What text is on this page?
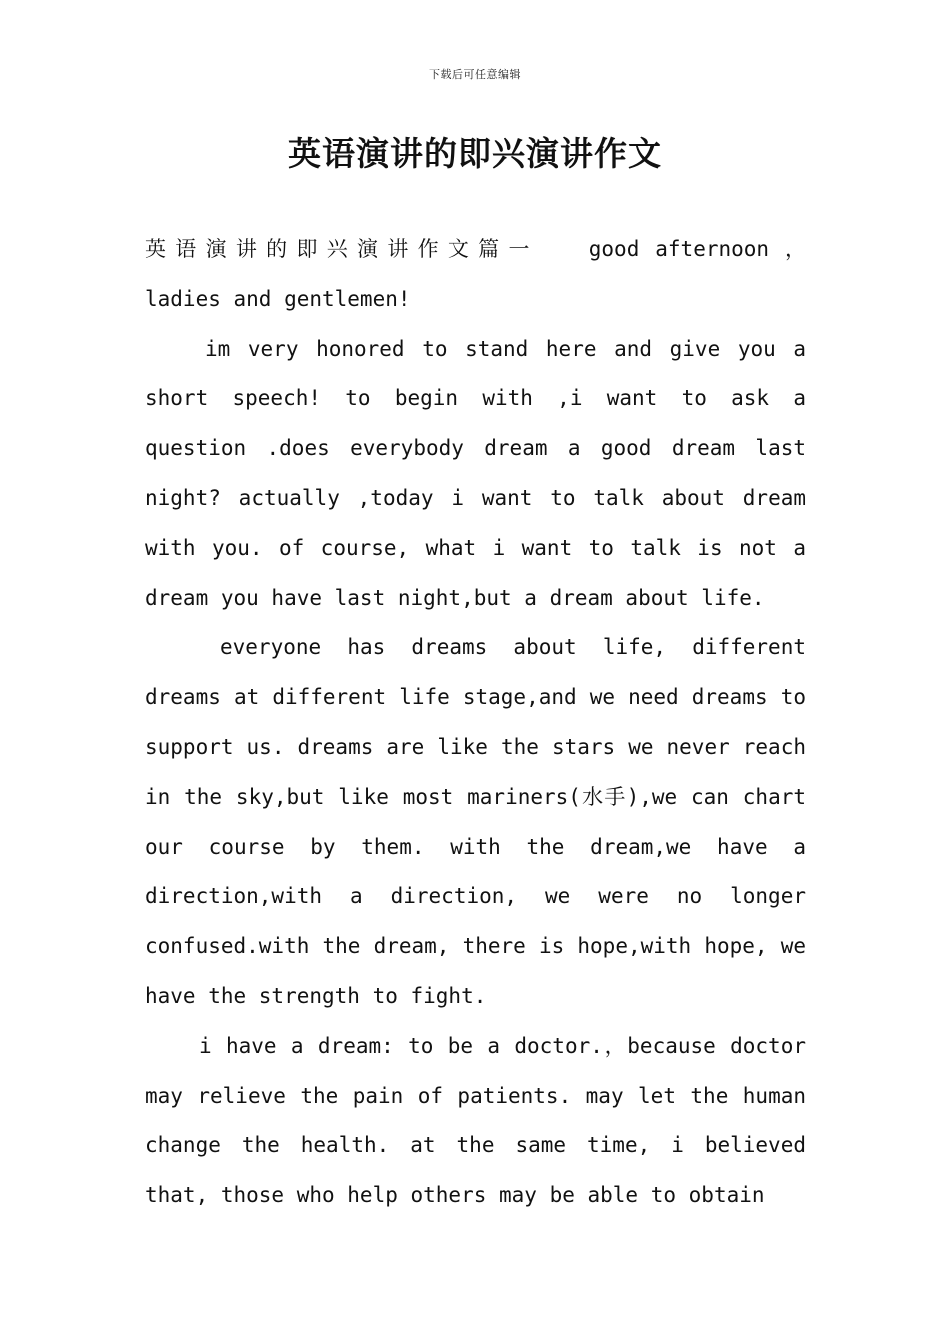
下载后可任意编辑
英语演讲的即兴演讲作文

英语演讲的即兴演讲作文篇一 good afternoon ，ladies and gentlemen!

im very honored to stand here and give you a short speech! to begin with ,i want to ask a question .does everybody dream a good dream last night? actually ,today i want to talk about dream with you. of course, what i want to talk is not a dream you have last night,but a dream about life.

everyone has dreams about life, different dreams at different life stage,and we need dreams to support us. dreams are like the stars we never reach in the sky,but like most mariners(水手),we can chart our course by them. with the dream,we have a direction,with a direction, we were no longer confused.with the dream, there is hope,with hope, we have the strength to fight.

i have a dream: to be a doctor.，because doctor may relieve the pain of patients. may let the human change the health. at the same time, i believed that, those who help others may be able to obtain
